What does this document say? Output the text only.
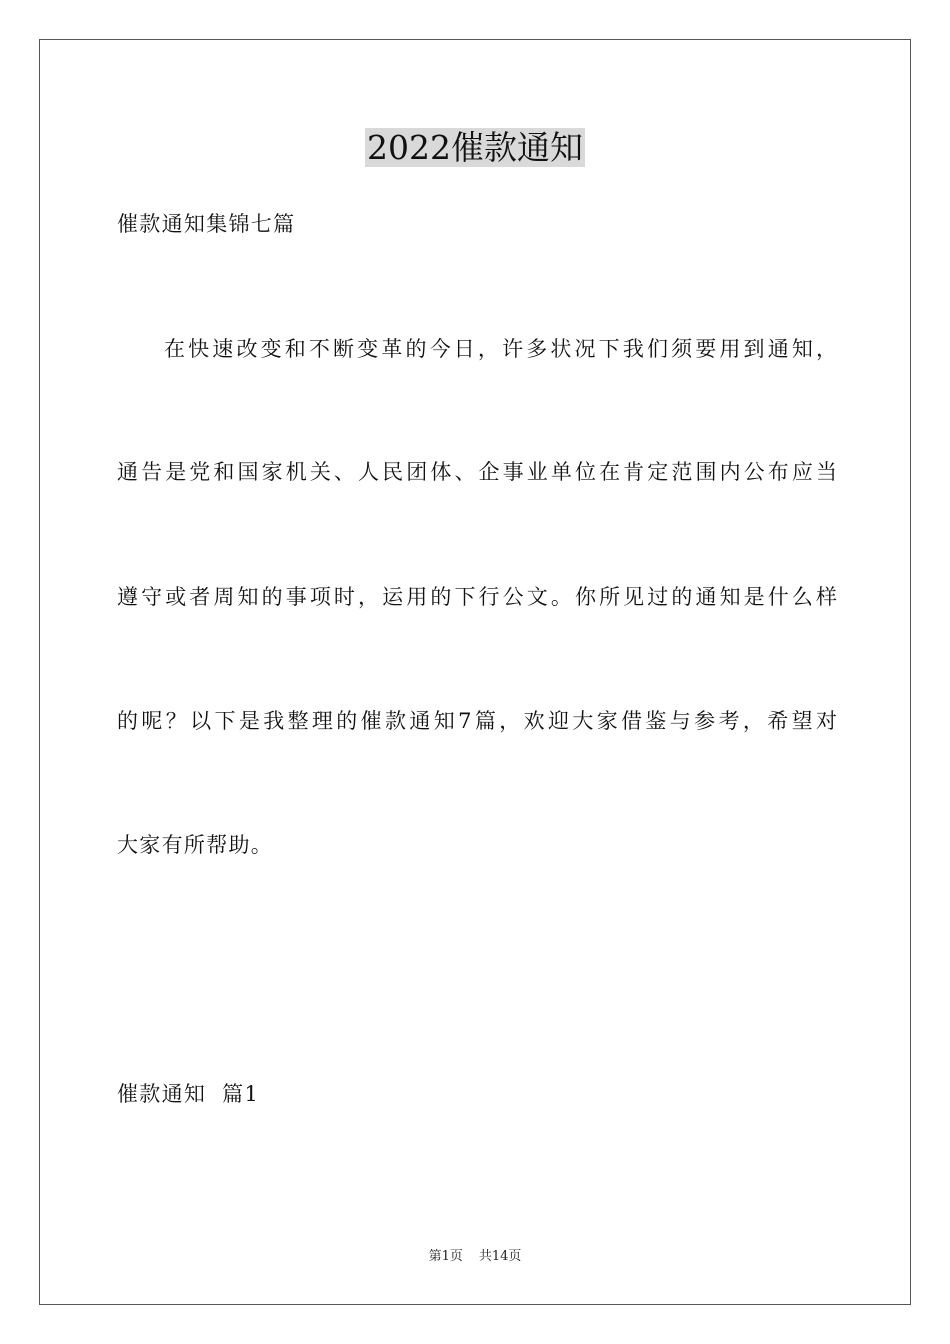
2022催款通知
催款通知集锦七篇
在快速改变和不断变革的今日，许多状况下我们须要用到通知，
通告是党和国家机关、人民团体、企事业单位在肯定范围内公布应当
遵守或者周知的事项时，运用的下行公文。你所见过的通知是什么样
的呢？以下是我整理的催款通知7篇，欢迎大家借鉴与参考，希望对
大家有所帮助。
催款通知  篇1
第1页 共14页
